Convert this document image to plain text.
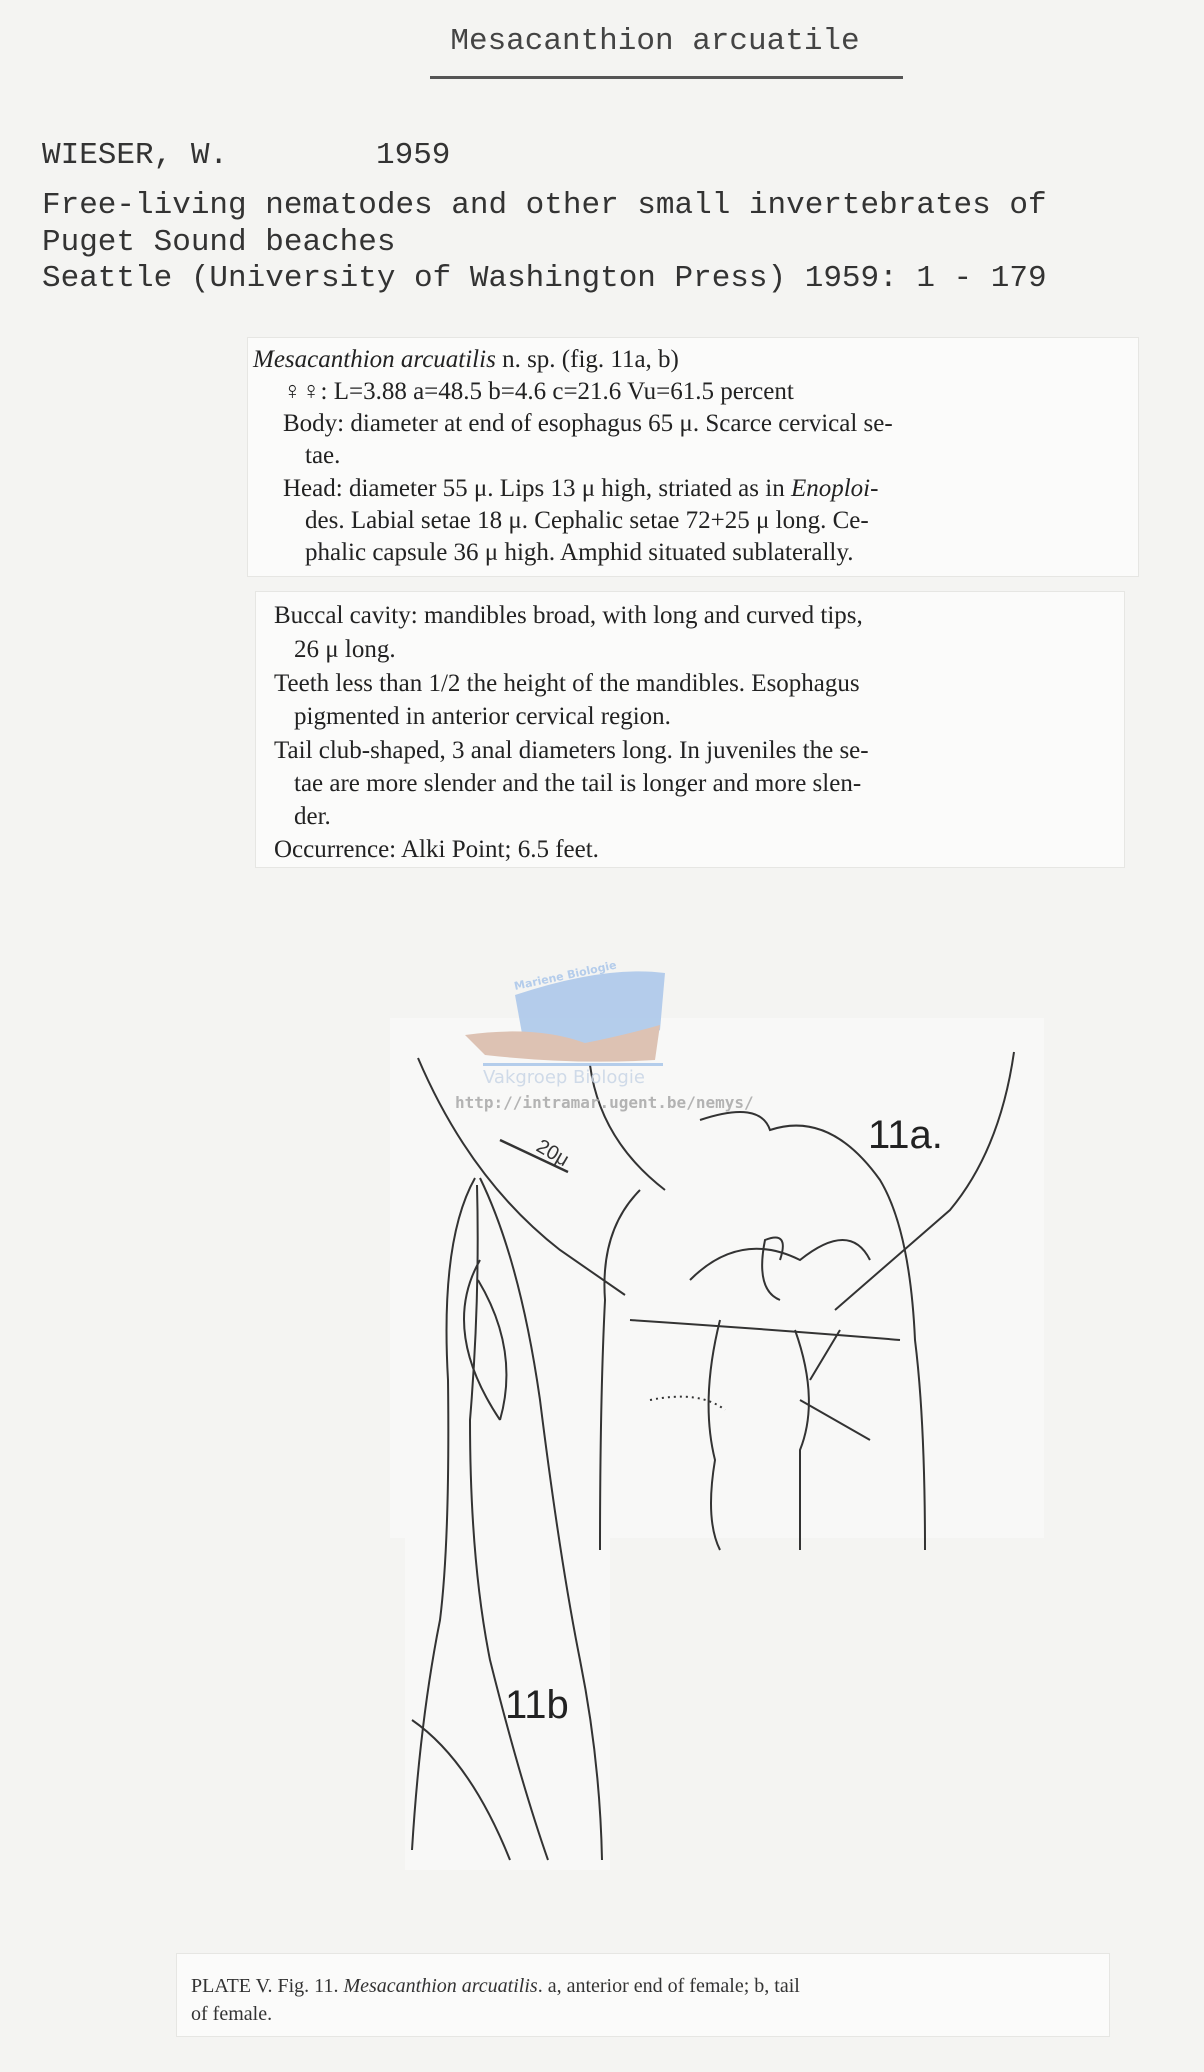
Mesacanthion arcuatile
WIESER, W.	1959
Free-living nematodes and other small invertebrates of
Puget Sound beaches
Seattle (University of Washington Press) 1959: 1 - 179
Mesacanthion arcuatilis n. sp. (fig. 11a, b)
♀♀: L=3.88 a=48.5 b=4.6 c=21.6 Vu=61.5 percent
Body: diameter at end of esophagus 65 μ. Scarce cervical se-
tae.
Head: diameter 55 μ. Lips 13 μ high, striated as in Enoploi-
des. Labial setae 18 μ. Cephalic setae 72+25 μ long. Ce-
phalic capsule 36 μ high. Amphid situated sublaterally.
Buccal cavity: mandibles broad, with long and curved tips,
26 μ long.
Teeth less than 1/2 the height of the mandibles. Esophagus
pigmented in anterior cervical region.
Tail club-shaped, 3 anal diameters long. In juveniles the se-
tae are more slender and the tail is longer and more slen-
der.
Occurrence: Alki Point; 6.5 feet.
20μ	11a.
11b
Mariene Biologie
Vakgroep Biologie
http://intramar.ugent.be/nemys/
PLATE V. Fig. 11. Mesacanthion arcuatilis. a, anterior end of female; b, tail
of female.
